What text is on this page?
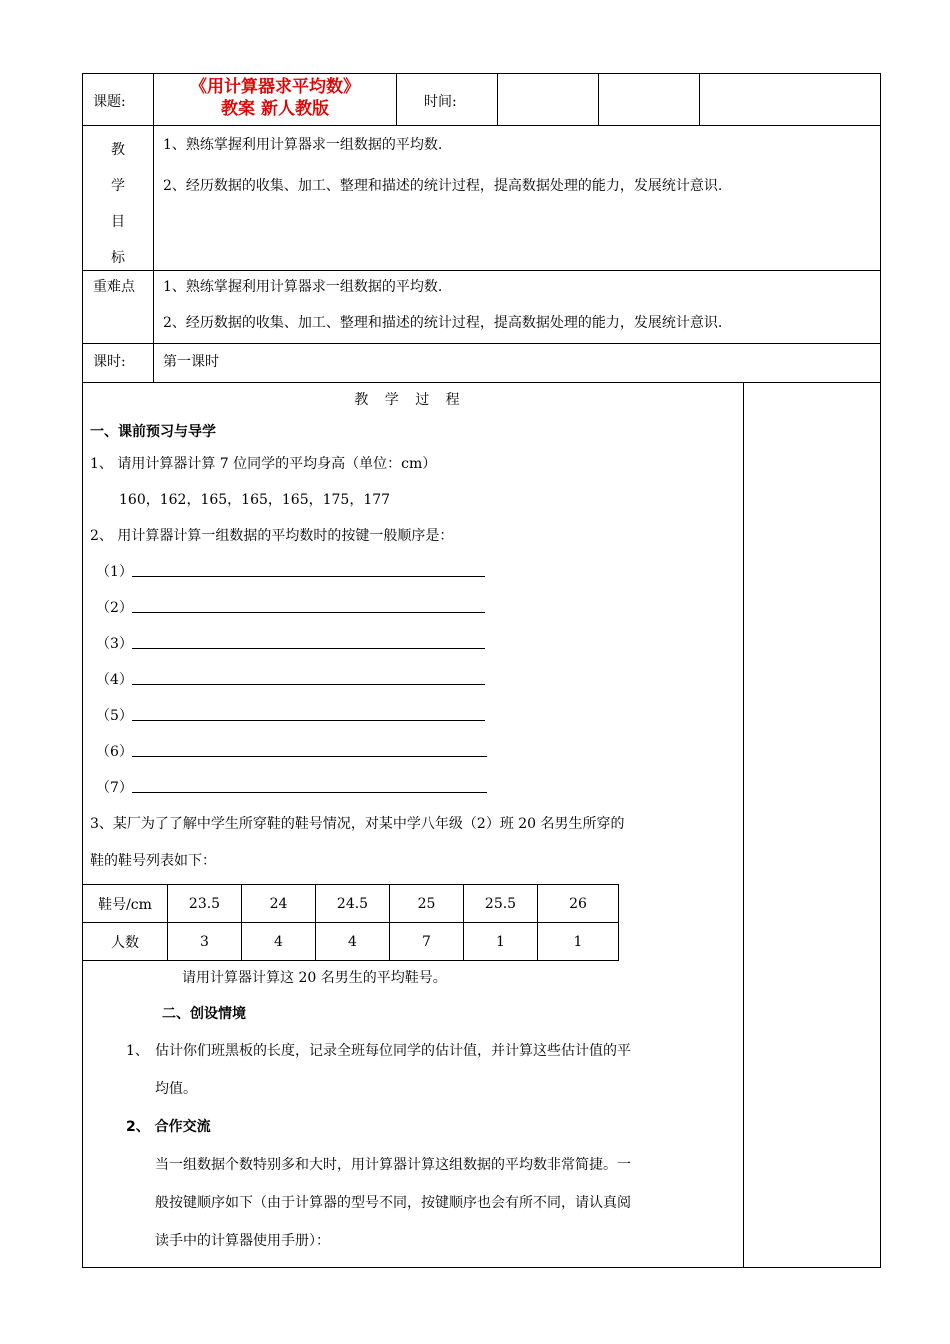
课题:
《用计算器求平均数》
教案 新人教版	时间:
教
学
目
标
1、熟练掌握利用计算器求一组数据的平均数.
2、经历数据的收集、加工、整理和描述的统计过程，提高数据处理的能力，发展统计意识.
重难点 1、熟练掌握利用计算器求一组数据的平均数.
2、经历数据的收集、加工、整理和描述的统计过程，提高数据处理的能力，发展统计意识.
课时:	第一课时
教 学 过 程
一、课前预习与导学
1、 请用计算器计算 7 位同学的平均身高（单位：cm）
160，162，165，165，165，175，177
2、 用计算器计算一组数据的平均数时的按键一般顺序是：
（1）
（2）
（3）
（4）
（5）
（6）
（7）
3、某厂为了了解中学生所穿鞋的鞋号情况，对某中学八年级（2）班 20 名男生所穿的
鞋的鞋号列表如下：
鞋号/cm	23.5	24	24.5	25	25.5	26
人数	3	4	4	7	1	1
请用计算器计算这 20 名男生的平均鞋号。
二、创设情境
1、 估计你们班黑板的长度，记录全班每位同学的估计值，并计算这些估计值的平
均值。
2、 合作交流
当一组数据个数特别多和大时，用计算器计算这组数据的平均数非常简捷。一
般按键顺序如下（由于计算器的型号不同，按键顺序也会有所不同，请认真阅
读手中的计算器使用手册）：
